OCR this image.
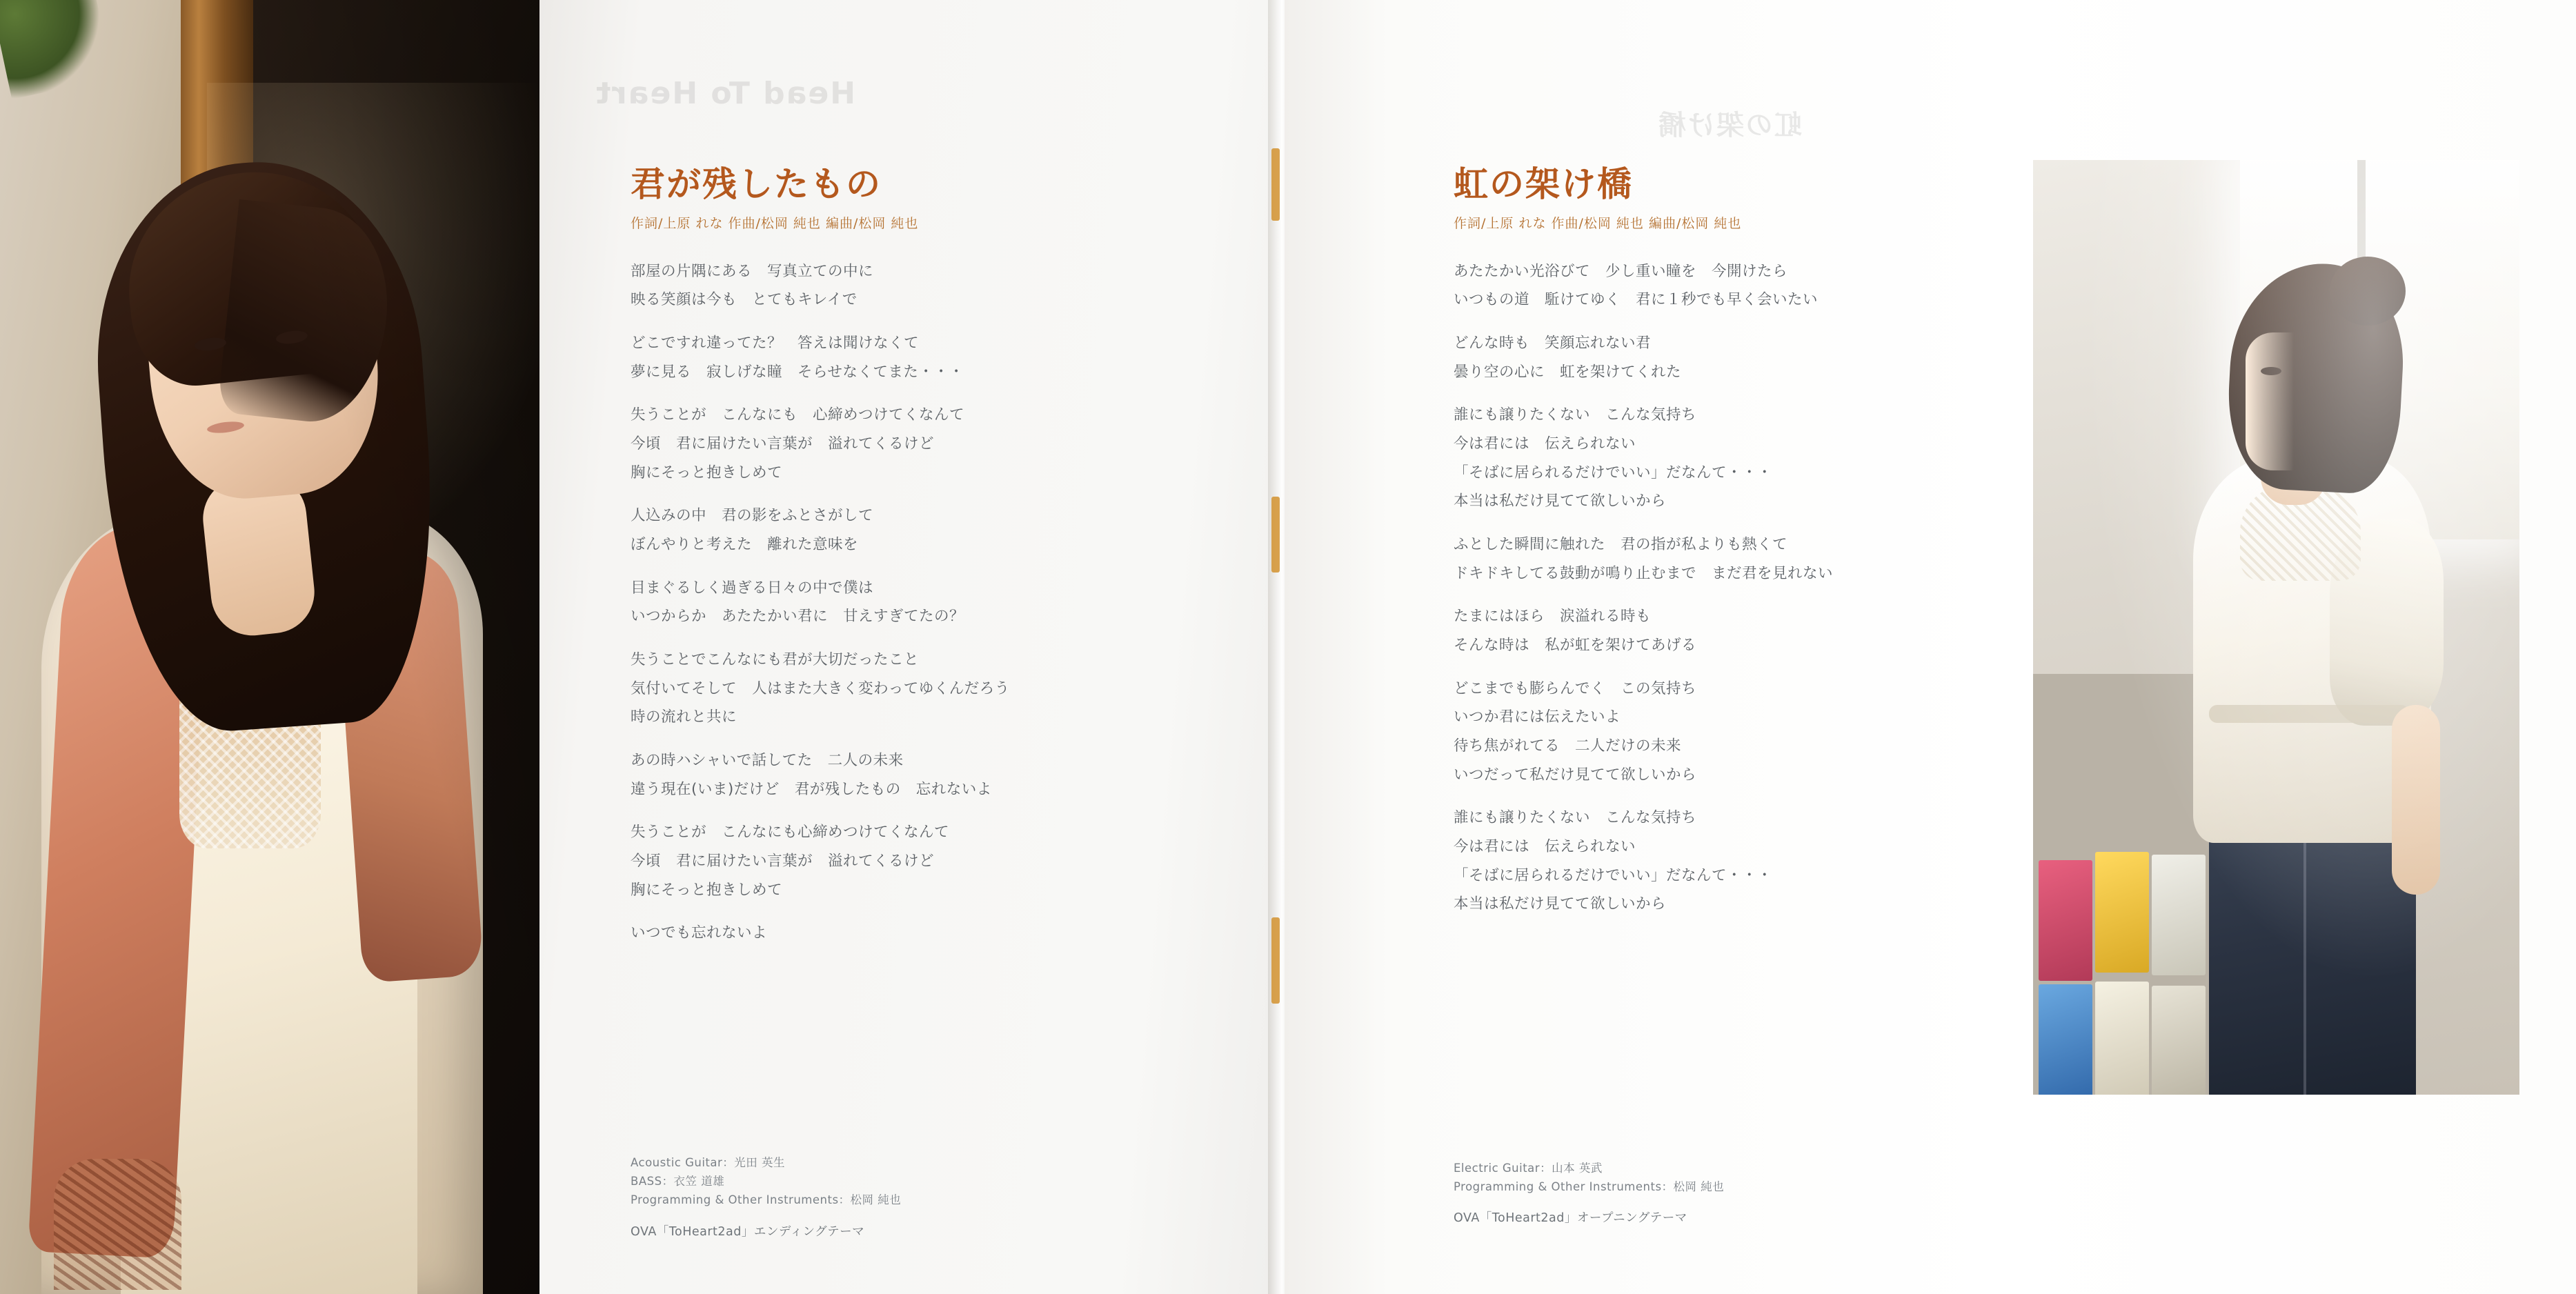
Head To Heart
君が残したもの
作詞/上原 れな 作曲/松岡 純也 編曲/松岡 純也

部屋の片隅にある　写真立ての中に

映る笑顔は今も　とてもキレイで

どこですれ違ってた？　答えは聞けなくて

夢に見る　寂しげな瞳　そらせなくてまた・・・

失うことが　こんなにも　心締めつけてくなんて

今頃　君に届けたい言葉が　溢れてくるけど

胸にそっと抱きしめて

人込みの中　君の影をふとさがして

ぼんやりと考えた　離れた意味を

目まぐるしく過ぎる日々の中で僕は

いつからか　あたたかい君に　甘えすぎてたの？

失うことでこんなにも君が大切だったこと

気付いてそして　人はまた大きく変わってゆくんだろう

時の流れと共に

あの時ハシャいで話してた　二人の未来

違う現在(いま)だけど　君が残したもの　忘れないよ

失うことが　こんなにも心締めつけてくなんて

今頃　君に届けたい言葉が　溢れてくるけど

胸にそっと抱きしめて

いつでも忘れないよ

Acoustic Guitar：光田 英生
BASS：衣笠 道雄
Programming & Other Instruments：松岡 純也
OVA「ToHeart2ad」エンディングテーマ
虹の架け橋
虹の架け橋
作詞/上原 れな 作曲/松岡 純也 編曲/松岡 純也

あたたかい光浴びて　少し重い瞳を　今開けたら

いつもの道　駈けてゆく　君に１秒でも早く会いたい

どんな時も　笑顔忘れない君

曇り空の心に　虹を架けてくれた

誰にも譲りたくない　こんな気持ち

今は君には　伝えられない

「そばに居られるだけでいい」だなんて・・・

本当は私だけ見てて欲しいから

ふとした瞬間に触れた　君の指が私よりも熱くて

ドキドキしてる鼓動が鳴り止むまで　まだ君を見れない

たまにはほら　涙溢れる時も

そんな時は　私が虹を架けてあげる

どこまでも膨らんでく　この気持ち

いつか君には伝えたいよ

待ち焦がれてる　二人だけの未来

いつだって私だけ見てて欲しいから

誰にも譲りたくない　こんな気持ち

今は君には　伝えられない

「そばに居られるだけでいい」だなんて・・・

本当は私だけ見てて欲しいから

Electric Guitar：山本 英武
Programming & Other Instruments：松岡 純也
OVA「ToHeart2ad」オープニングテーマ
